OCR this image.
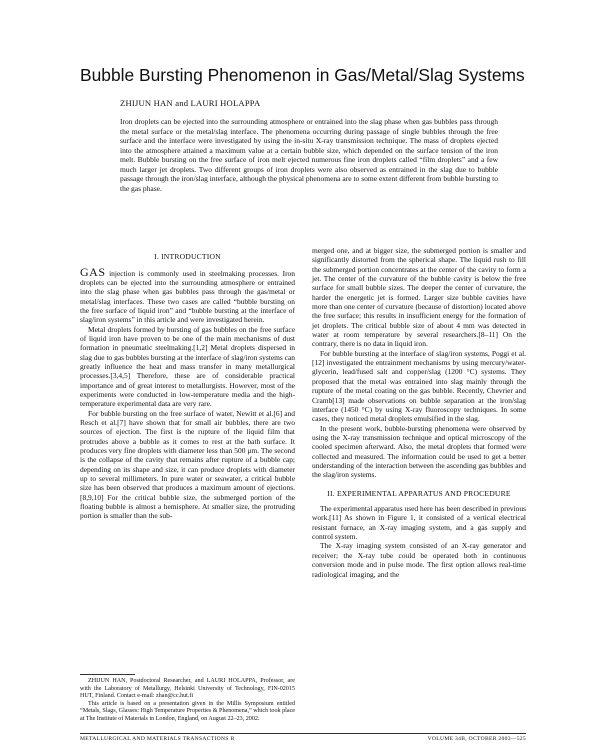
Bubble Bursting Phenomenon in Gas/Metal/Slag Systems
ZHIJUN HAN and LAURI HOLAPPA
Iron droplets can be ejected into the surrounding atmosphere or entrained into the slag phase when gas bubbles pass through the metal surface or the metal/slag interface. The phenomena occurring during passage of single bubbles through the free surface and the interface were investigated by using the in-situ X-ray transmission technique. The mass of droplets ejected into the atmosphere attained a maximum value at a certain bubble size, which depended on the surface tension of the iron melt. Bubble bursting on the free surface of iron melt ejected numerous fine iron droplets called “film droplets” and a few much larger jet droplets. Two different groups of iron droplets were also observed as entrained in the slag due to bubble passage through the iron/slag interface, although the physical phenomena are to some extent different from bubble bursting to the gas phase.
I. INTRODUCTION

GAS injection is commonly used in steelmaking processes. Iron droplets can be ejected into the surrounding atmosphere or entrained into the slag phase when gas bubbles pass through the gas/metal or metal/slag interfaces. These two cases are called “bubble bursting on the free surface of liquid iron” and “bubble bursting at the interface of slag/iron systems” in this article and were investigated herein.

Metal droplets formed by bursting of gas bubbles on the free surface of liquid iron have proven to be one of the main mechanisms of dust formation in pneumatic steelmaking.[1,2] Metal droplets dispersed in slag due to gas bubbles bursting at the interface of slag/iron systems can greatly influence the heat and mass transfer in many metallurgical processes.[3,4,5] Therefore, these are of considerable practical importance and of great interest to metallurgists. However, most of the experiments were conducted in low-temperature media and the high-temperature experimental data are very rare.

For bubble bursting on the free surface of water, Newitt et al.[6] and Resch et al.[7] have shown that for small air bubbles, there are two sources of ejection. The first is the rupture of the liquid film that protrudes above a bubble as it comes to rest at the bath surface. It produces very fine droplets with diameter less than 500 μm. The second is the collapse of the cavity that remains after rupture of a bubble cap; depending on its shape and size, it can produce droplets with diameter up to several millimeters. In pure water or seawater, a critical bubble size has been observed that produces a maximum amount of ejections.[8,9,10] For the critical bubble size, the submerged portion of the floating bubble is almost a hemisphere. At smaller size, the protruding portion is smaller than the sub-

merged one, and at bigger size, the submerged portion is smaller and significantly distorted from the spherical shape. The liquid rush to fill the submerged portion concentrates at the center of the cavity to form a jet. The center of the curvature of the bubble cavity is below the free surface for small bubble sizes. The deeper the center of curvature, the harder the energetic jet is formed. Larger size bubble cavities have more than one center of curvature (because of distortion) located above the free surface; this results in insufficient energy for the formation of jet droplets. The critical bubble size of about 4 mm was detected in water at room temperature by several researchers.[8–11] On the contrary, there is no data in liquid iron.

For bubble bursting at the interface of slag/iron systems, Poggi et al.[12] investigated the entrainment mechanisms by using mercury/water-glycerin, lead/fused salt and copper/slag (1200 °C) systems. They proposed that the metal was entrained into slag mainly through the rupture of the metal coating on the gas bubble. Recently, Chevrier and Cramb[13] made observations on bubble separation at the iron/slag interface (1450 °C) by using X-ray fluoroscopy techniques. In some cases, they noticed metal droplets emulsified in the slag.

In the present work, bubble-bursting phenomena were observed by using the X-ray transmission technique and optical microscopy of the cooled specimen afterward. Also, the metal droplets that formed were collected and measured. The information could be used to get a better understanding of the interaction between the ascending gas bubbles and the slag/iron systems.

II. EXPERIMENTAL APPARATUS AND PROCEDURE

The experimental apparatus used here has been described in previous work.[11] As shown in Figure 1, it consisted of a vertical electrical resistant furnace, an X-ray imaging system, and a gas supply and control system.

The X-ray imaging system consisted of an X-ray generator and receiver; the X-ray tube could be operated both in continuous conversion mode and in pulse mode. The first option allows real-time radiological imaging, and the

ZHIJUN HAN, Postdoctoral Researcher, and LAURI HOLAPPA, Professor, are with the Laboratory of Metallurgy, Helsinki University of Technology, FIN-02015 HUT, Finland. Contact e-mail: zhan@cc.hut.fi

This article is based on a presentation given in the Millis Symposium entitled “Metals, Slags, Glasses: High Temperature Properties & Phenomena,” which took place at The Institute of Materials in London, England, on August 22–23, 2002.

METALLURGICAL AND MATERIALS TRANSACTIONS B	VOLUME 34B, OCTOBER 2003—525
